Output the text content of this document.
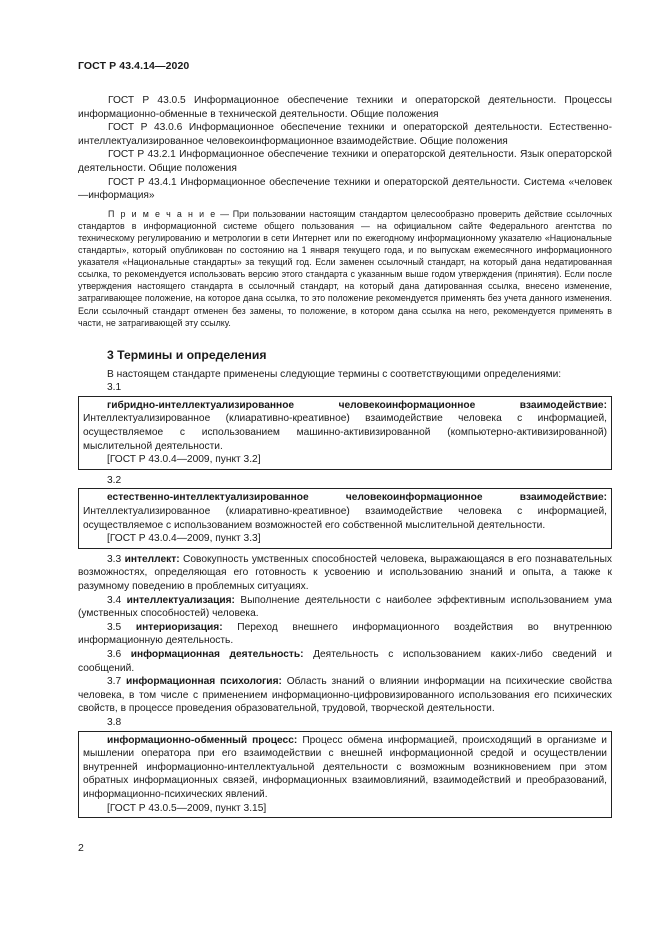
ГОСТ Р 43.4.14—2020

ГОСТ Р 43.0.5 Информационное обеспечение техники и операторской деятельности. Процессы информационно-обменные в технической деятельности. Общие положения

ГОСТ Р 43.0.6 Информационное обеспечение техники и операторской деятельности. Естественно-интеллектуализированное человекоинформационное взаимодействие. Общие положения

ГОСТ Р 43.2.1 Информационное обеспечение техники и операторской деятельности. Язык операторской деятельности. Общие положения

ГОСТ Р 43.4.1 Информационное обеспечение техники и операторской деятельности. Система «человек—информация»

П р и м е ч а н и е — При пользовании настоящим стандартом целесообразно проверить действие ссылочных стандартов в информационной системе общего пользования — на официальном сайте Федерального агентства по техническому регулированию и метрологии в сети Интернет или по ежегодному информационному указателю «Национальные стандарты», который опубликован по состоянию на 1 января текущего года, и по выпускам ежемесячного информационного указателя «Национальные стандарты» за текущий год. Если заменен ссылочный стандарт, на который дана недатированная ссылка, то рекомендуется использовать версию этого стандарта с указанным выше годом утверждения (принятия). Если после утверждения настоящего стандарта в ссылочный стандарт, на который дана датированная ссылка, внесено изменение, затрагивающее положение, на которое дана ссылка, то это положение рекомендуется применять без учета данного изменения. Если ссылочный стандарт отменен без замены, то положение, в котором дана ссылка на него, рекомендуется применять в части, не затрагивающей эту ссылку.

3 Термины и определения

В настоящем стандарте применены следующие термины с соответствующими определениями:

3.1

гибридно-интеллектуализированное человекоинформационное взаимодействие: Интеллектуализированное (клиаративно-креативное) взаимодействие человека с информацией, осуществляемое с использованием машинно-активизированной (компьютерно-активизированной) мыслительной деятельности.

[ГОСТ Р 43.0.4—2009, пункт 3.2]

3.2

естественно-интеллектуализированное человекоинформационное взаимодействие: Интеллектуализированное (клиаративно-креативное) взаимодействие человека с информацией, осуществляемое с использованием возможностей его собственной мыслительной деятельности.

[ГОСТ Р 43.0.4—2009, пункт 3.3]

3.3 интеллект: Совокупность умственных способностей человека, выражающаяся в его познавательных возможностях, определяющая его готовность к усвоению и использованию знаний и опыта, а также к разумному поведению в проблемных ситуациях.

3.4 интеллектуализация: Выполнение деятельности с наиболее эффективным использованием ума (умственных способностей) человека.

3.5 интериоризация: Переход внешнего информационного воздействия во внутреннюю информационную деятельность.

3.6 информационная деятельность: Деятельность с использованием каких-либо сведений и сообщений.

3.7 информационная психология: Область знаний о влиянии информации на психические свойства человека, в том числе с применением информационно-цифровизированного использования его психических свойств, в процессе проведения образовательной, трудовой, творческой деятельности.

3.8

информационно-обменный процесс: Процесс обмена информацией, происходящий в организме и мышлении оператора при его взаимодействии с внешней информационной средой и осуществлении внутренней информационно-интеллектуальной деятельности с возможным возникновением при этом обратных информационных связей, информационных взаимовлияний, взаимодействий и преобразований, информационно-психических явлений.

[ГОСТ Р 43.0.5—2009, пункт 3.15]

2
